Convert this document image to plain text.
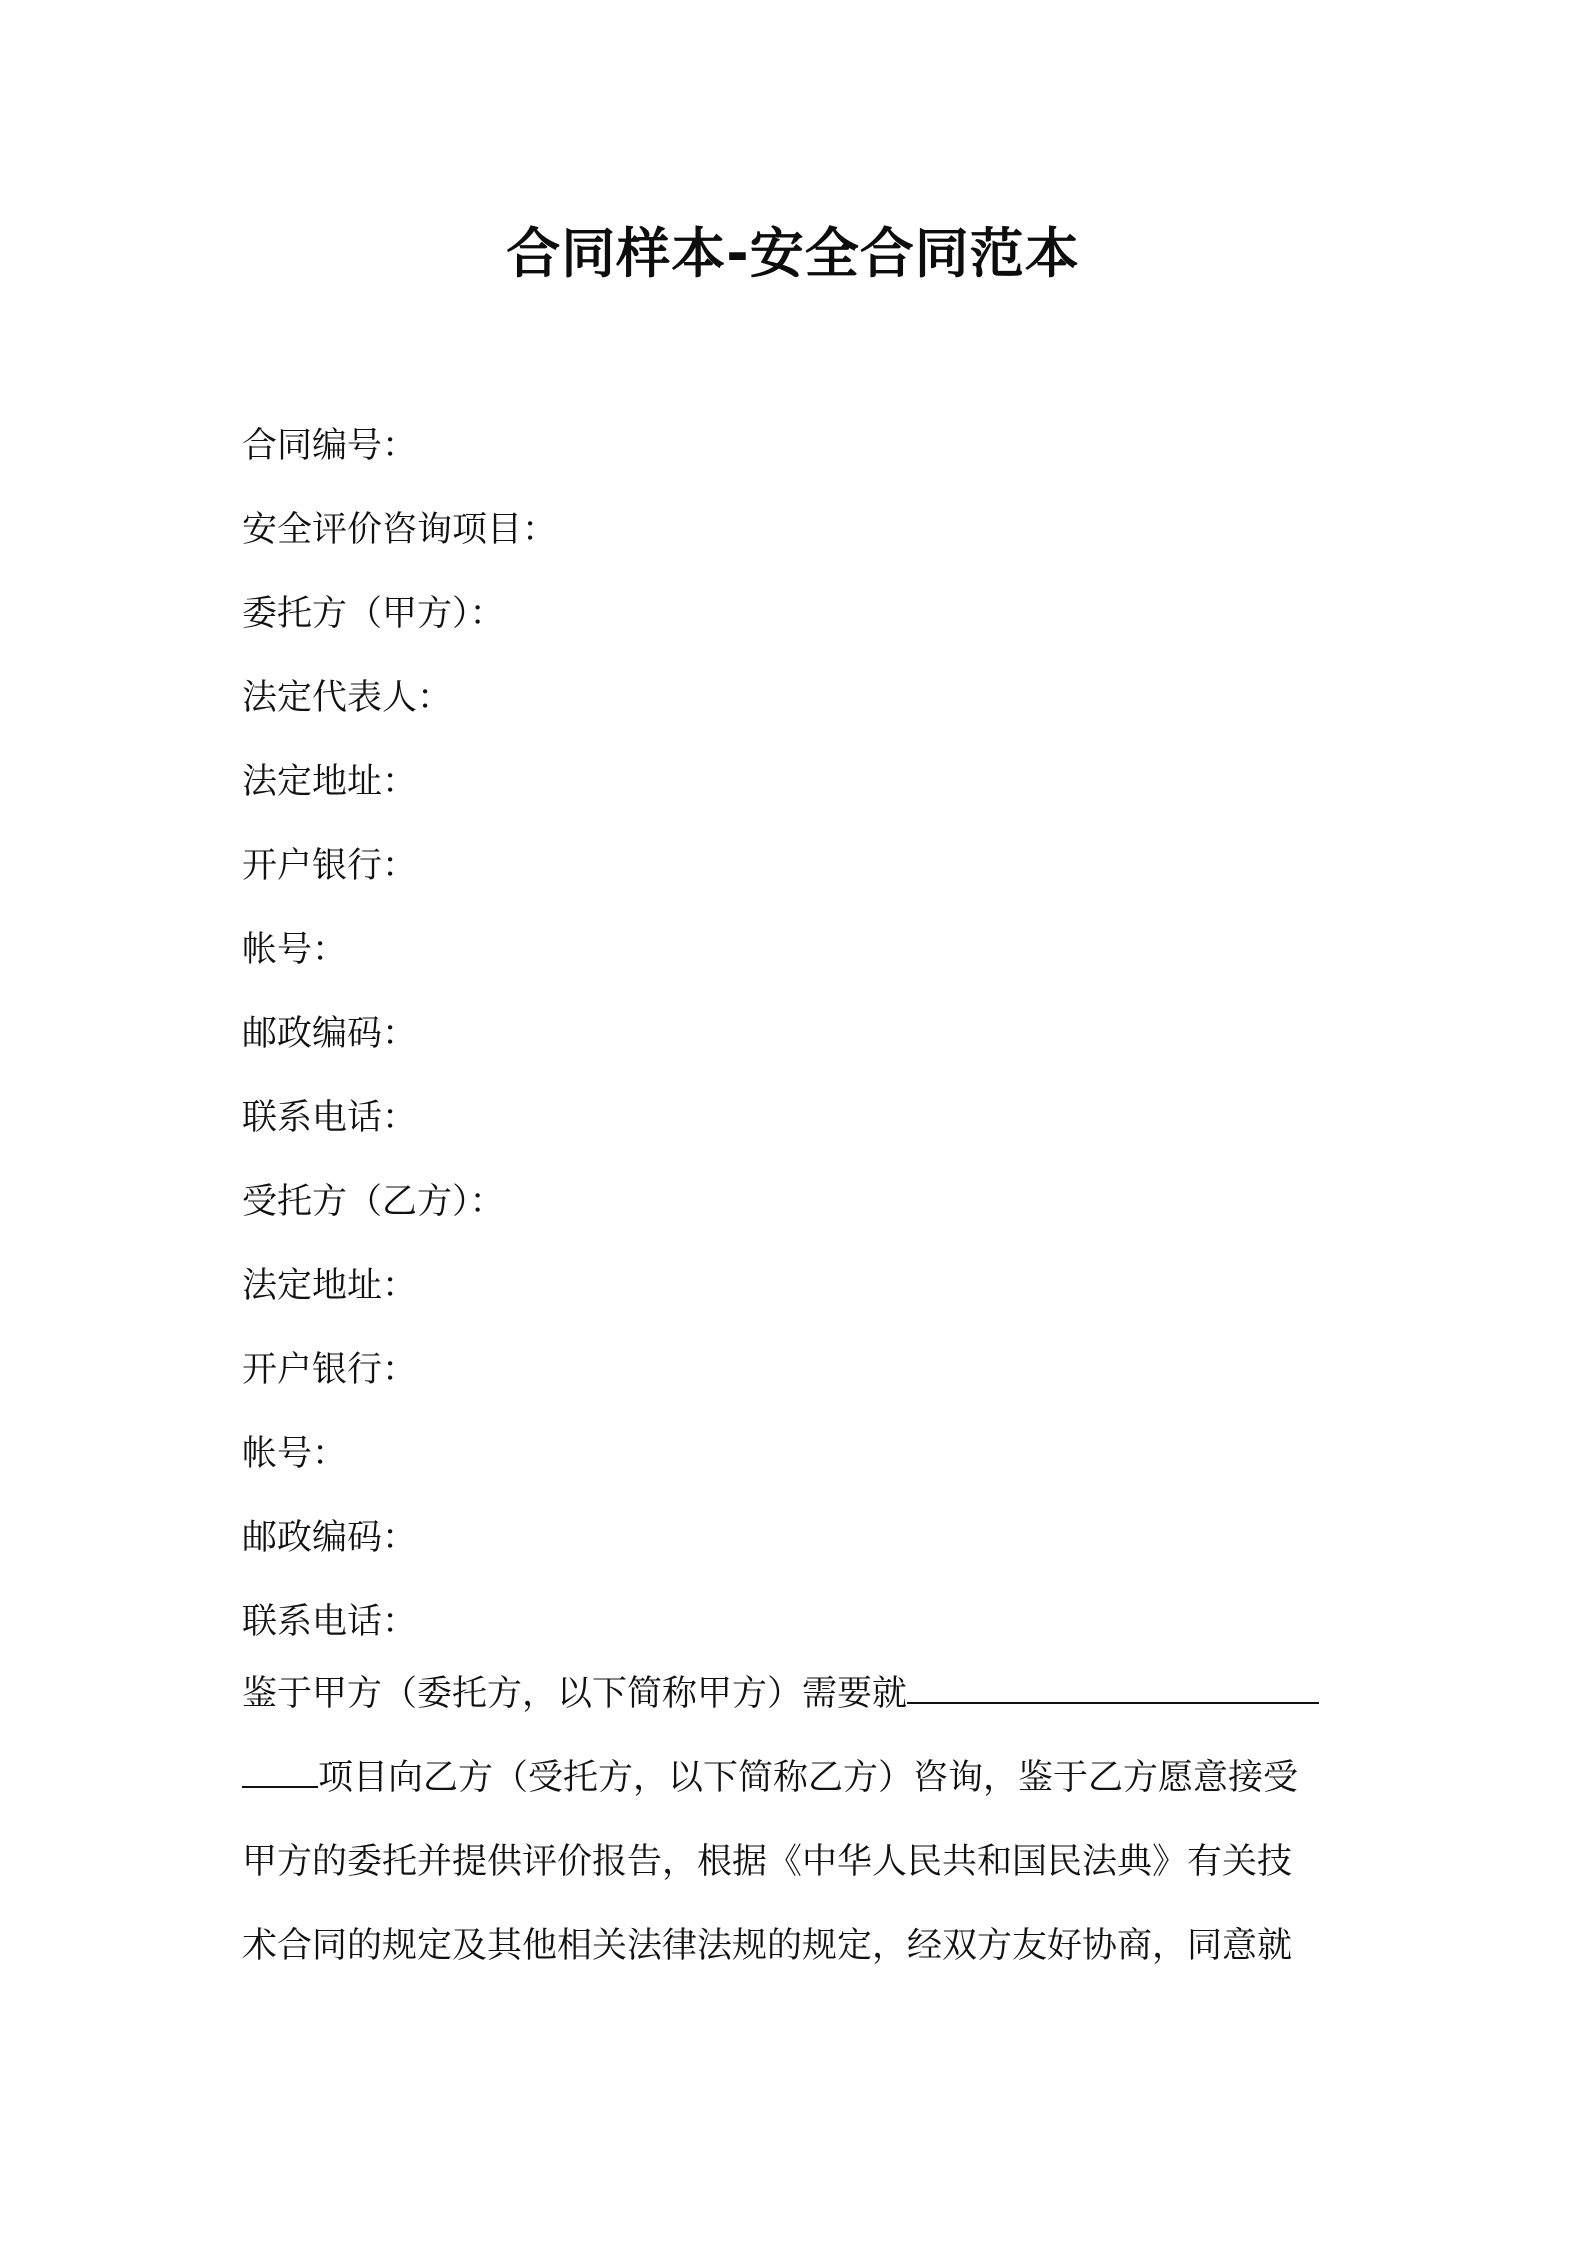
合同样本-安全合同范本
合同编号：
安全评价咨询项目：
委托方（甲方）：
法定代表人：
法定地址：
开户银行：
帐号：
邮政编码：
联系电话：
受托方（乙方）：
法定地址：
开户银行：
帐号：
邮政编码：
联系电话：
鉴于甲方（委托方，以下简称甲方）需要就
项目向乙方（受托方，以下简称乙方）咨询，鉴于乙方愿意接受
甲方的委托并提供评价报告，根据《中华人民共和国民法典》有关技
术合同的规定及其他相关法律法规的规定，经双方友好协商，同意就
